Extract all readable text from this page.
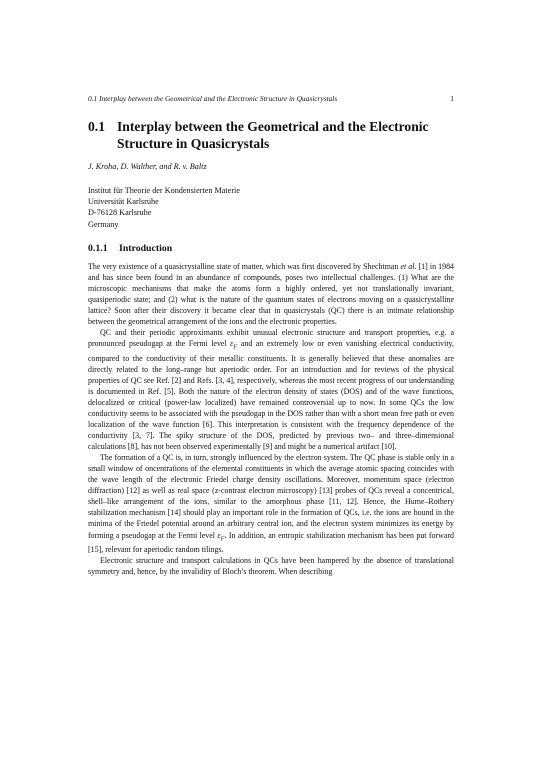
0.1 Interplay between the Geometrical and the Electronic Structure in Quasicrystals	1
0.1 Interplay between the Geometrical and the Electronic Structure in Quasicrystals
J. Kroha, D. Walther, and R. v. Baltz
Institut für Theorie der Kondensierten Materie
Universität Karlsruhe
D-76128 Karlsruhe
Germany
0.1.1	Introduction

The very existence of a quasicrystalline state of matter, which was first discovered by Shechtman et al. [1] in 1984 and has since been found in an abundance of compounds, poses two intellectual challenges. (1) What are the microscopic mechanisms that make the atoms form a highly ordered, yet not translationally invariant, quasiperiodic state; and (2) what is the nature of the quantum states of electrons moving on a quasicrystalline lattice? Soon after their discovery it became clear that in quasicrystals (QC) there is an intimate relationship between the geometrical arrangement of the ions and the electronic properties.

QC and their periodic approximants exhibit unusual electronic structure and transport properties, e.g. a pronounced pseudogap at the Fermi level $\varepsilon_F$ and an extremely low or even vanishing electrical conductivity, compared to the conductivity of their metallic constituents. It is generally believed that these anomalies are directly related to the long–range but aperiodic order. For an introduction and for reviews of the physical properties of QC see Ref. [2] and Refs. [3, 4], respectively, whereas the most recent progress of our understanding is documented in Ref. [5]. Both the nature of the electron density of states (DOS) and of the wave functions, delocalized or critical (power-law localized) have remained controversial up to now. In some QCs the low conductivity seems to be associated with the pseudogap in the DOS rather than with a short mean free path or even localization of the wave function [6]. This interpretation is consistent with the frequency dependence of the conductivity [3, 7]. The spiky structure of the DOS, predicted by previous two– and three–dimensional calculations [8], has not been observed experimentally [9] and might be a numerical artifact [10].

The formation of a QC is, in turn, strongly influenced by the electron system. The QC phase is stable only in a small window of oncentrations of the elemental constituents in which the average atomic spacing coincides with the wave length of the electronic Friedel charge density oscillations. Moreover, momentum space (electron diffraction) [12] as well as real space (z-contrast electron microscopy) [13] probes of QCs reveal a concentrical, shell–like arrangement of the ions, similar to the amorphous phase [11, 12]. Hence, the Hume–Rothery stabilization mechanism [14] should play an important role in the formation of QCs, i.e. the ions are bound in the minima of the Friedel potential around an arbitrary central ion, and the electron system minimizes its energy by forming a pseudogap at the Fermi level $\varepsilon_F$. In addition, an entropic stabilization mechanism has been put forward [15], relevant for aperiodic random tilings.

Electronic structure and transport calculations in QCs have been hampered by the absence of translational symmetry and, hence, by the invalidity of Bloch’s theorem. When describing
